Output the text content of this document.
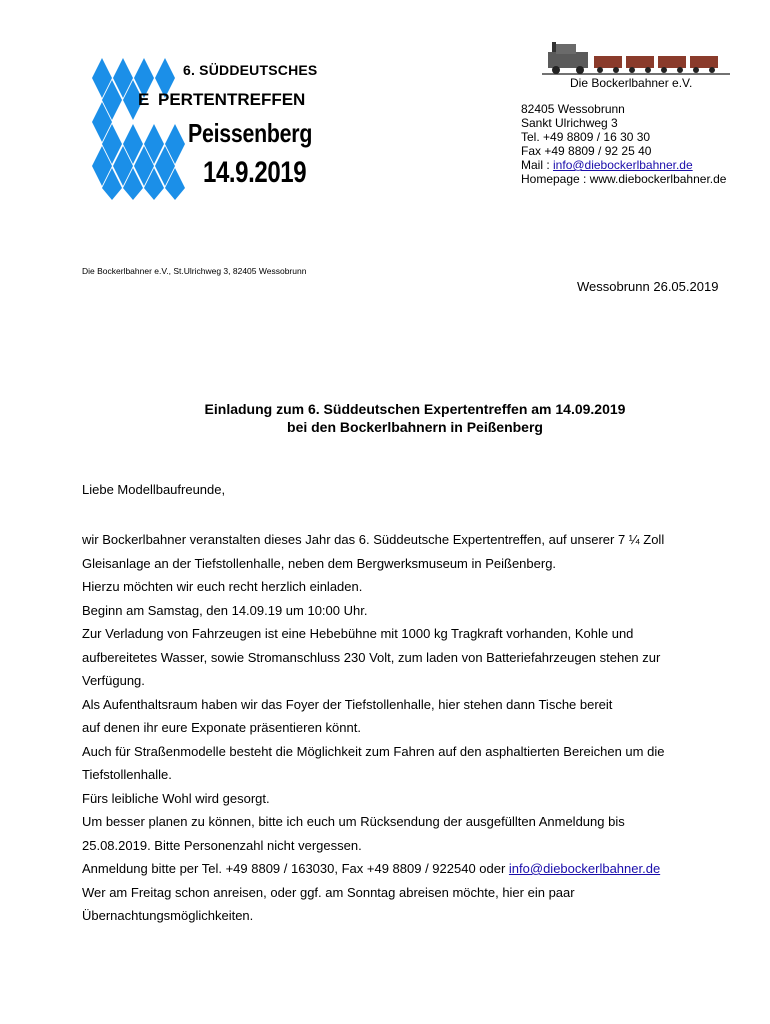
6. SÜDDEUTSCHES
E PERTENTREFFEN
Peissenberg
14.9.2019
Die Bockerlbahner e.V.
82405 Wessobrunn
Sankt Ulrichweg 3
Tel. +49 8809 / 16 30 30
Fax +49 8809 / 92 25 40
Mail : info@diebockerlbahner.de
Homepage : www.diebockerlbahner.de
Die Bockerlbahner e.V., St.Ulrichweg 3, 82405 Wessobrunn
Wessobrunn 26.05.2019
Einladung zum 6. Süddeutschen Expertentreffen am 14.09.2019
bei den Bockerlbahnern in Peißenberg
Liebe Modellbaufreunde,
wir Bockerlbahner veranstalten dieses Jahr das 6. Süddeutsche Expertentreffen, auf unserer 7 ¼ Zoll
Gleisanlage an der Tiefstollenhalle, neben dem Bergwerksmuseum in Peißenberg.
Hierzu möchten wir euch recht herzlich einladen.
Beginn am Samstag, den 14.09.19 um 10:00 Uhr.
Zur Verladung von Fahrzeugen ist eine Hebebühne mit 1000 kg Tragkraft vorhanden, Kohle und
aufbereitetes Wasser, sowie Stromanschluss 230 Volt, zum laden von Batteriefahrzeugen stehen zur
Verfügung.
Als Aufenthaltsraum haben wir das Foyer der Tiefstollenhalle, hier stehen dann Tische bereit
auf denen ihr eure Exponate präsentieren könnt.
Auch für Straßenmodelle besteht die Möglichkeit zum Fahren auf den asphaltierten Bereichen um die
Tiefstollenhalle.
Fürs leibliche Wohl wird gesorgt.
Um besser planen zu können, bitte ich euch um Rücksendung der ausgefüllten Anmeldung bis
25.08.2019. Bitte Personenzahl nicht vergessen.
Anmeldung bitte per Tel. +49 8809 / 163030, Fax +49 8809 / 922540 oder info@diebockerlbahner.de
Wer am Freitag schon anreisen, oder ggf. am Sonntag abreisen möchte, hier ein paar
Übernachtungsmöglichkeiten.
